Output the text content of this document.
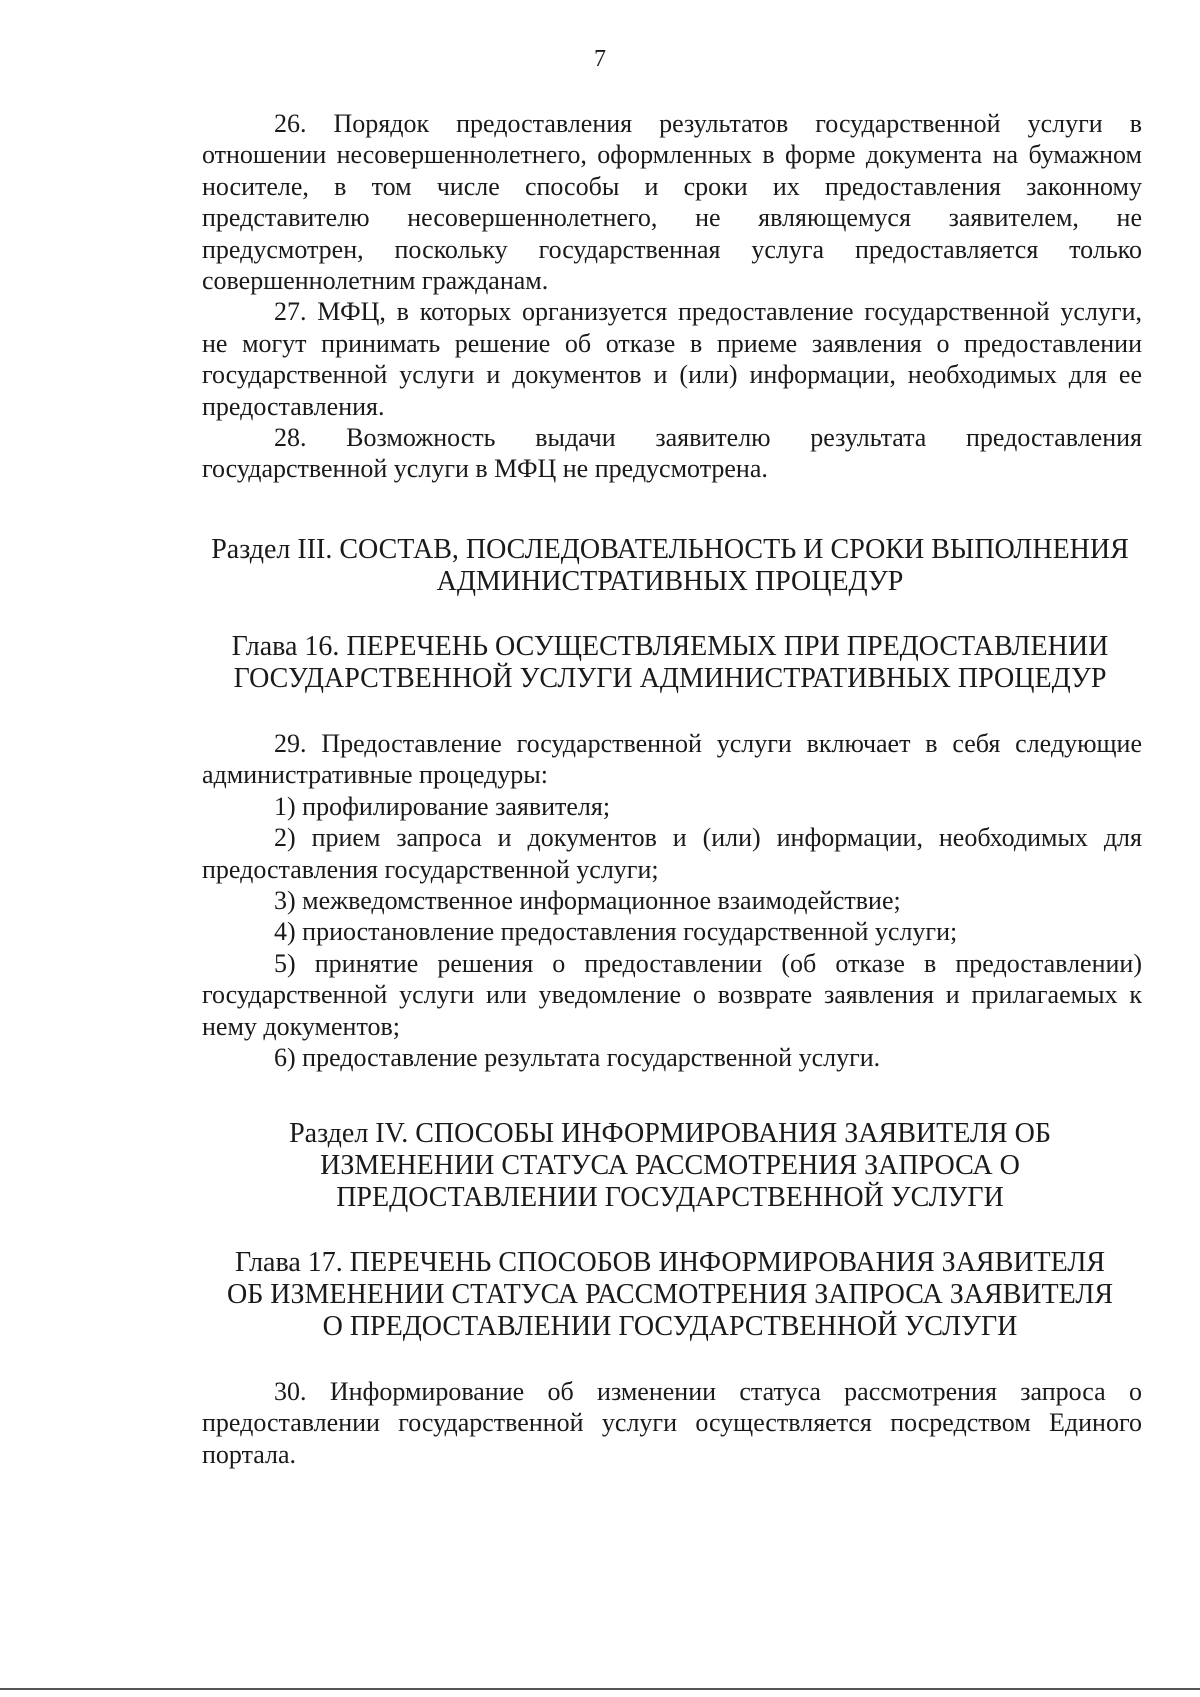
7

26. Порядок предоставления результатов государственной услуги в отношении несовершеннолетнего, оформленных в форме документа на бумажном носителе, в том числе способы и сроки их предоставления законному представителю несовершеннолетнего, не являющемуся заявителем, не предусмотрен, поскольку государственная услуга предоставляется только совершеннолетним гражданам.

27. МФЦ, в которых организуется предоставление государственной услуги, не могут принимать решение об отказе в приеме заявления о предоставлении государственной услуги и документов и (или) информации, необходимых для ее предоставления.

28. Возможность выдачи заявителю результата предоставления государственной услуги в МФЦ не предусмотрена.

Раздел III. СОСТАВ, ПОСЛЕДОВАТЕЛЬНОСТЬ И СРОКИ ВЫПОЛНЕНИЯ
АДМИНИСТРАТИВНЫХ ПРОЦЕДУР
Глава 16. ПЕРЕЧЕНЬ ОСУЩЕСТВЛЯЕМЫХ ПРИ ПРЕДОСТАВЛЕНИИ
ГОСУДАРСТВЕННОЙ УСЛУГИ АДМИНИСТРАТИВНЫХ ПРОЦЕДУР

29. Предоставление государственной услуги включает в себя следующие административные процедуры:

1) профилирование заявителя;

2) прием запроса и документов и (или) информации, необходимых для предоставления государственной услуги;

3) межведомственное информационное взаимодействие;

4) приостановление предоставления государственной услуги;

5) принятие решения о предоставлении (об отказе в предоставлении) государственной услуги или уведомление о возврате заявления и прилагаемых к нему документов;

6) предоставление результата государственной услуги.

Раздел IV. СПОСОБЫ ИНФОРМИРОВАНИЯ ЗАЯВИТЕЛЯ ОБ
ИЗМЕНЕНИИ СТАТУСА РАССМОТРЕНИЯ ЗАПРОСА О
ПРЕДОСТАВЛЕНИИ ГОСУДАРСТВЕННОЙ УСЛУГИ
Глава 17. ПЕРЕЧЕНЬ СПОСОБОВ ИНФОРМИРОВАНИЯ ЗАЯВИТЕЛЯ
ОБ ИЗМЕНЕНИИ СТАТУСА РАССМОТРЕНИЯ ЗАПРОСА ЗАЯВИТЕЛЯ
О ПРЕДОСТАВЛЕНИИ ГОСУДАРСТВЕННОЙ УСЛУГИ

30. Информирование об изменении статуса рассмотрения запроса о предоставлении государственной услуги осуществляется посредством Единого портала.
